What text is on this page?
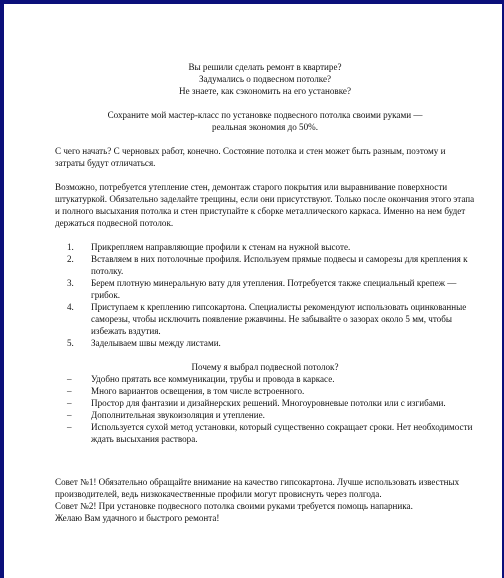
Вы решили сделать ремонт в квартире?
Задумались о подвесном потолке?
Не знаете, как сэкономить на его установке?
Сохраните мой мастер-класс по установке подвесного потолка своими руками —
реальная экономия до 50%.

С чего начать? С черновых работ, конечно. Состояние потолка и стен может быть разным, поэтому и затраты будут отличаться.

Возможно, потребуется утепление стен, демонтаж старого покрытия или выравнивание поверхности штукатуркой. Обязательно заделайте трещины, если они присутствуют. Только после окончания этого этапа и полного высыхания потолка и стен приступайте к сборке металлического каркаса. Именно на нем будет держаться подвесной потолок.

1. Прикрепляем направляющие профили к стенам на нужной высоте.
2. Вставляем в них потолочные профиля. Используем прямые подвесы и саморезы для крепления к потолку.
3. Берем плотную минеральную вату для утепления. Потребуется также специальный крепеж — грибок.
4. Приступаем к креплению гипсокартона. Специалисты рекомендуют использовать оцинкованные саморезы, чтобы исключить появление ржавчины. Не забывайте о зазорах около 5 мм, чтобы избежать вздутия.
5. Заделываем швы между листами.
Почему я выбрал подвесной потолок?
– Удобно прятать все коммуникации, трубы и провода в каркасе.
– Много вариантов освещения, в том числе встроенного.
– Простор для фантазии и дизайнерских решений. Многоуровневые потолки или с изгибами.
– Дополнительная звукоизоляция и утепление.
– Используется сухой метод установки, который существенно сокращает сроки. Нет необходимости ждать высыхания раствора.

Совет №1! Обязательно обращайте внимание на качество гипсокартона. Лучше использовать известных производителей, ведь низкокачественные профили могут провиснуть через полгода.

Совет №2! При установке подвесного потолка своими руками требуется помощь напарника.

Желаю Вам удачного и быстрого ремонта!
